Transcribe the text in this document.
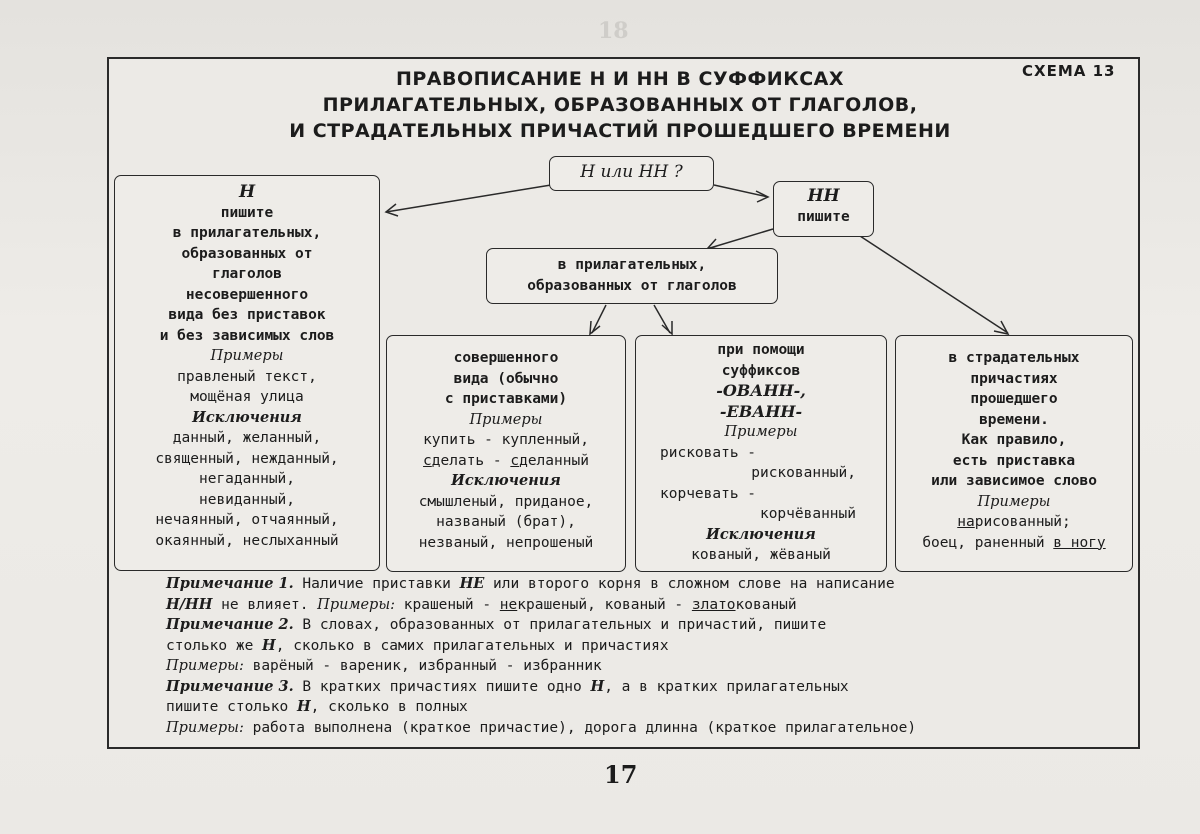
18
СХЕМА 13
ПРАВОПИСАНИЕ Н И НН В СУФФИКСАХ
ПРИЛАГАТЕЛЬНЫХ, ОБРАЗОВАННЫХ ОТ ГЛАГОЛОВ,
И СТРАДАТЕЛЬНЫХ ПРИЧАСТИЙ ПРОШЕДШЕГО ВРЕМЕНИ
Н или НН ?
НН
пишите
в прилагательных,
образованных от глаголов
Н
пишите
в прилагательных,
образованных от
глаголов
несовершенного
вида без приставок
и без зависимых слов
Примеры
правленый текст,
мощёная улица
Исключения
данный, желанный,
священный, нежданный,
негаданный,
невиданный,
нечаянный, отчаянный,
окаянный, неслыханный
совершенного
вида (обычно
с приставками)
Примеры
купить - купленный,
сделать - сделанный
Исключения
смышленый, приданое,
названый (брат),
незваный, непрошеный
при помощи
суффиксов
-ОВАНН-,
-ЕВАНН-
Примеры
рисковать -
рискованный,
корчевать -
корчёванный
Исключения
кованый, жёваный
в страдательных
причастиях
прошедшего
времени.
Как правило,
есть приставка
или зависимое слово
Примеры
нарисованный;
боец, раненный в ногу
Примечание 1. Наличие приставки НЕ или второго корня в сложном слове на написание
Н/НН не влияет. Примеры: крашеный - некрашеный, кованый - златокованый
Примечание 2. В словах, образованных от прилагательных и причастий, пишите
столько же Н, сколько в самих прилагательных и причастиях
Примеры: варёный - вареник, избранный - избранник
Примечание 3. В кратких причастиях пишите одно Н, а в кратких прилагательных
пишите столько Н, сколько в полных
Примеры: работа выполнена (краткое причастие), дорога длинна (краткое прилагательное)
17
